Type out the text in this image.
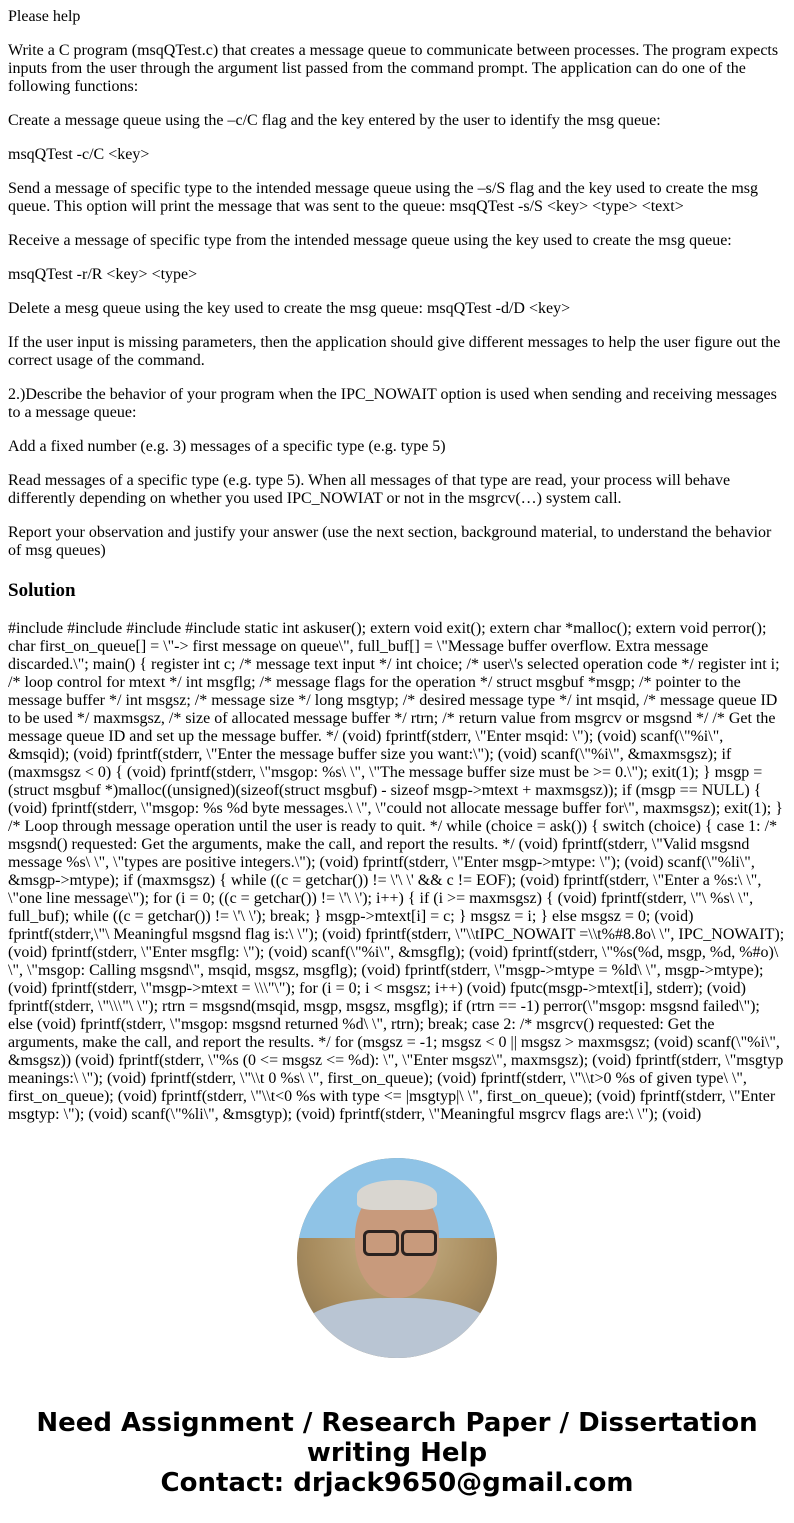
Please help

Write a C program (msqQTest.c) that creates a message queue to communicate between processes. The program expects inputs from the user through the argument list passed from the command prompt. The application can do one of the following functions:

Create a message queue using the –c/C flag and the key entered by the user to identify the msg queue:

msqQTest -c/C <key>

Send a message of specific type to the intended message queue using the –s/S flag and the key used to create the msg queue. This option will print the message that was sent to the queue: msqQTest -s/S <key> <type> <text>

Receive a message of specific type from the intended message queue using the key used to create the msg queue:

msqQTest -r/R <key> <type>

Delete a mesg queue using the key used to create the msg queue: msqQTest -d/D <key>

If the user input is missing parameters, then the application should give different messages to help the user figure out the correct usage of the command.

2.)Describe the behavior of your program when the IPC_NOWAIT option is used when sending and receiving messages to a message queue:

Add a fixed number (e.g. 3) messages of a specific type (e.g. type 5)

Read messages of a specific type (e.g. type 5). When all messages of that type are read, your process will behave differently depending on whether you used IPC_NOWIAT or not in the msgrcv(…) system call.

Report your observation and justify your answer (use the next section, background material, to understand the behavior of msg queues)

Solution

#include #include #include #include static int askuser(); extern void exit(); extern char *malloc(); extern void perror(); char first_on_queue[] = \"-> first message on queue\", full_buf[] = \"Message buffer overflow. Extra message discarded.\"; main() { register int c; /* message text input */ int choice; /* user\'s selected operation code */ register int i; /* loop control for mtext */ int msgflg; /* message flags for the operation */ struct msgbuf *msgp; /* pointer to the message buffer */ int msgsz; /* message size */ long msgtyp; /* desired message type */ int msqid, /* message queue ID to be used */ maxmsgsz, /* size of allocated message buffer */ rtrn; /* return value from msgrcv or msgsnd */ /* Get the message queue ID and set up the message buffer. */ (void) fprintf(stderr, \"Enter msqid: \"); (void) scanf(\"%i\", &msqid); (void) fprintf(stderr, \"Enter the message buffer size you want:\"); (void) scanf(\"%i\", &maxmsgsz); if (maxmsgsz < 0) { (void) fprintf(stderr, \"msgop: %s\ \", \"The message buffer size must be >= 0.\"); exit(1); } msgp = (struct msgbuf *)malloc((unsigned)(sizeof(struct msgbuf) - sizeof msgp->mtext + maxmsgsz)); if (msgp == NULL) { (void) fprintf(stderr, \"msgop: %s %d byte messages.\ \", \"could not allocate message buffer for\", maxmsgsz); exit(1); } /* Loop through message operation until the user is ready to quit. */ while (choice = ask()) { switch (choice) { case 1: /* msgsnd() requested: Get the arguments, make the call, and report the results. */ (void) fprintf(stderr, \"Valid msgsnd message %s\ \", \"types are positive integers.\"); (void) fprintf(stderr, \"Enter msgp->mtype: \"); (void) scanf(\"%li\", &msgp->mtype); if (maxmsgsz) { while ((c = getchar()) != \'\ \' && c != EOF); (void) fprintf(stderr, \"Enter a %s:\ \", \"one line message\"); for (i = 0; ((c = getchar()) != \'\ \'); i++) { if (i >= maxmsgsz) { (void) fprintf(stderr, \"\ %s\ \", full_buf); while ((c = getchar()) != \'\ \'); break; } msgp->mtext[i] = c; } msgsz = i; } else msgsz = 0; (void) fprintf(stderr,\"\ Meaningful msgsnd flag is:\ \"); (void) fprintf(stderr, \"\\tIPC_NOWAIT =\\t%#8.8o\ \", IPC_NOWAIT); (void) fprintf(stderr, \"Enter msgflg: \"); (void) scanf(\"%i\", &msgflg); (void) fprintf(stderr, \"%s(%d, msgp, %d, %#o)\ \", \"msgop: Calling msgsnd\", msqid, msgsz, msgflg); (void) fprintf(stderr, \"msgp->mtype = %ld\ \", msgp->mtype); (void) fprintf(stderr, \"msgp->mtext = \\\"\"); for (i = 0; i < msgsz; i++) (void) fputc(msgp->mtext[i], stderr); (void) fprintf(stderr, \"\\\"\ \"); rtrn = msgsnd(msqid, msgp, msgsz, msgflg); if (rtrn == -1) perror(\"msgop: msgsnd failed\"); else (void) fprintf(stderr, \"msgop: msgsnd returned %d\ \", rtrn); break; case 2: /* msgrcv() requested: Get the arguments, make the call, and report the results. */ for (msgsz = -1; msgsz < 0 || msgsz > maxmsgsz; (void) scanf(\"%i\", &msgsz)) (void) fprintf(stderr, \"%s (0 <= msgsz <= %d): \", \"Enter msgsz\", maxmsgsz); (void) fprintf(stderr, \"msgtyp meanings:\ \"); (void) fprintf(stderr, \"\\t 0 %s\ \", first_on_queue); (void) fprintf(stderr, \"\\t>0 %s of given type\ \", first_on_queue); (void) fprintf(stderr, \"\\t<0 %s with type <= |msgtyp|\ \", first_on_queue); (void) fprintf(stderr, \"Enter msgtyp: \"); (void) scanf(\"%li\", &msgtyp); (void) fprintf(stderr, \"Meaningful msgrcv flags are:\ \"); (void)

Need Assignment / Research Paper / Dissertation
writing Help
Contact: drjack9650@gmail.com
